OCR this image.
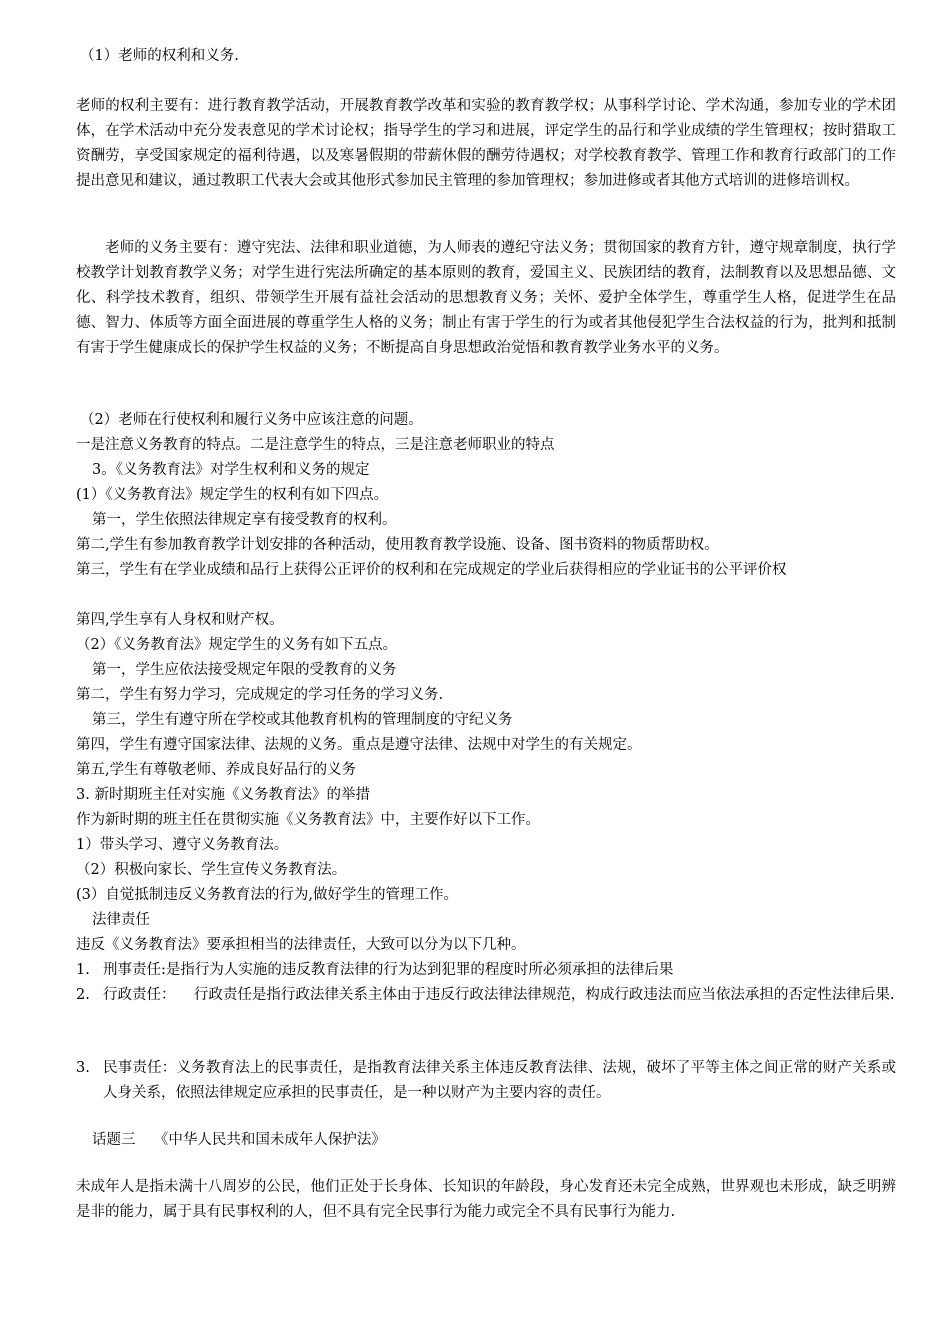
（1）老师的权利和义务.
老师的权利主要有：进行教育教学活动，开展教育教学改革和实验的教育教学权；从事科学讨论、学术沟通，参加专业的学术团体，在学术活动中充分发表意见的学术讨论权；指导学生的学习和进展，评定学生的品行和学业成绩的学生管理权；按时猎取工资酬劳，享受国家规定的福利待遇，以及寒暑假期的带薪休假的酬劳待遇权；对学校教育教学、管理工作和教育行政部门的工作提出意见和建议，通过教职工代表大会或其他形式参加民主管理的参加管理权；参加进修或者其他方式培训的进修培训权。
老师的义务主要有：遵守宪法、法律和职业道德，为人师表的遵纪守法义务；贯彻国家的教育方针，遵守规章制度，执行学校教学计划教育教学义务；对学生进行宪法所确定的基本原则的教育，爱国主义、民族团结的教育，法制教育以及思想品德、文化、科学技术教育，组织、带领学生开展有益社会活动的思想教育义务；关怀、爱护全体学生，尊重学生人格，促进学生在品德、智力、体质等方面全面进展的尊重学生人格的义务；制止有害于学生的行为或者其他侵犯学生合法权益的行为，批判和抵制有害于学生健康成长的保护学生权益的义务；不断提高自身思想政治觉悟和教育教学业务水平的义务。
（2）老师在行使权利和履行义务中应该注意的问题。
一是注意义务教育的特点。二是注意学生的特点，三是注意老师职业的特点
3。《义务教育法》对学生权利和义务的规定
(1）《义务教育法》规定学生的权利有如下四点。
第一，学生依照法律规定享有接受教育的权利。
第二,学生有参加教育教学计划安排的各种活动，使用教育教学设施、设备、图书资料的物质帮助权。
第三，学生有在学业成绩和品行上获得公正评价的权利和在完成规定的学业后获得相应的学业证书的公平评价权
第四,学生享有人身权和财产权。
（2）《义务教育法》规定学生的义务有如下五点。
第一，学生应依法接受规定年限的受教育的义务
第二，学生有努力学习，完成规定的学习任务的学习义务.
第三，学生有遵守所在学校或其他教育机构的管理制度的守纪义务
第四，学生有遵守国家法律、法规的义务。重点是遵守法律、法规中对学生的有关规定。
第五,学生有尊敬老师、养成良好品行的义务
3. 新时期班主任对实施《义务教育法》的举措
作为新时期的班主任在贯彻实施《义务教育法》中，主要作好以下工作。
1）带头学习、遵守义务教育法。
（2）积极向家长、学生宣传义务教育法。
(3）自觉抵制违反义务教育法的行为,做好学生的管理工作。
法律责任
违反《义务教育法》要承担相当的法律责任，大致可以分为以下几种。
1. 刑事责任:是指行为人实施的违反教育法律的行为达到犯罪的程度时所必须承担的法律后果
2. 行政责任：    行政责任是指行政法律关系主体由于违反行政法律法律规范，构成行政违法而应当依法承担的否定性法律后果.
3. 民事责任：义务教育法上的民事责任，是指教育法律关系主体违反教育法律、法规，破坏了平等主体之间正常的财产关系或人身关系，依照法律规定应承担的民事责任，是一种以财产为主要内容的责任。
话题三    《中华人民共和国未成年人保护法》
未成年人是指未满十八周岁的公民，他们正处于长身体、长知识的年龄段，身心发育还未完全成熟，世界观也未形成，缺乏明辨是非的能力，属于具有民事权利的人，但不具有完全民事行为能力或完全不具有民事行为能力.
